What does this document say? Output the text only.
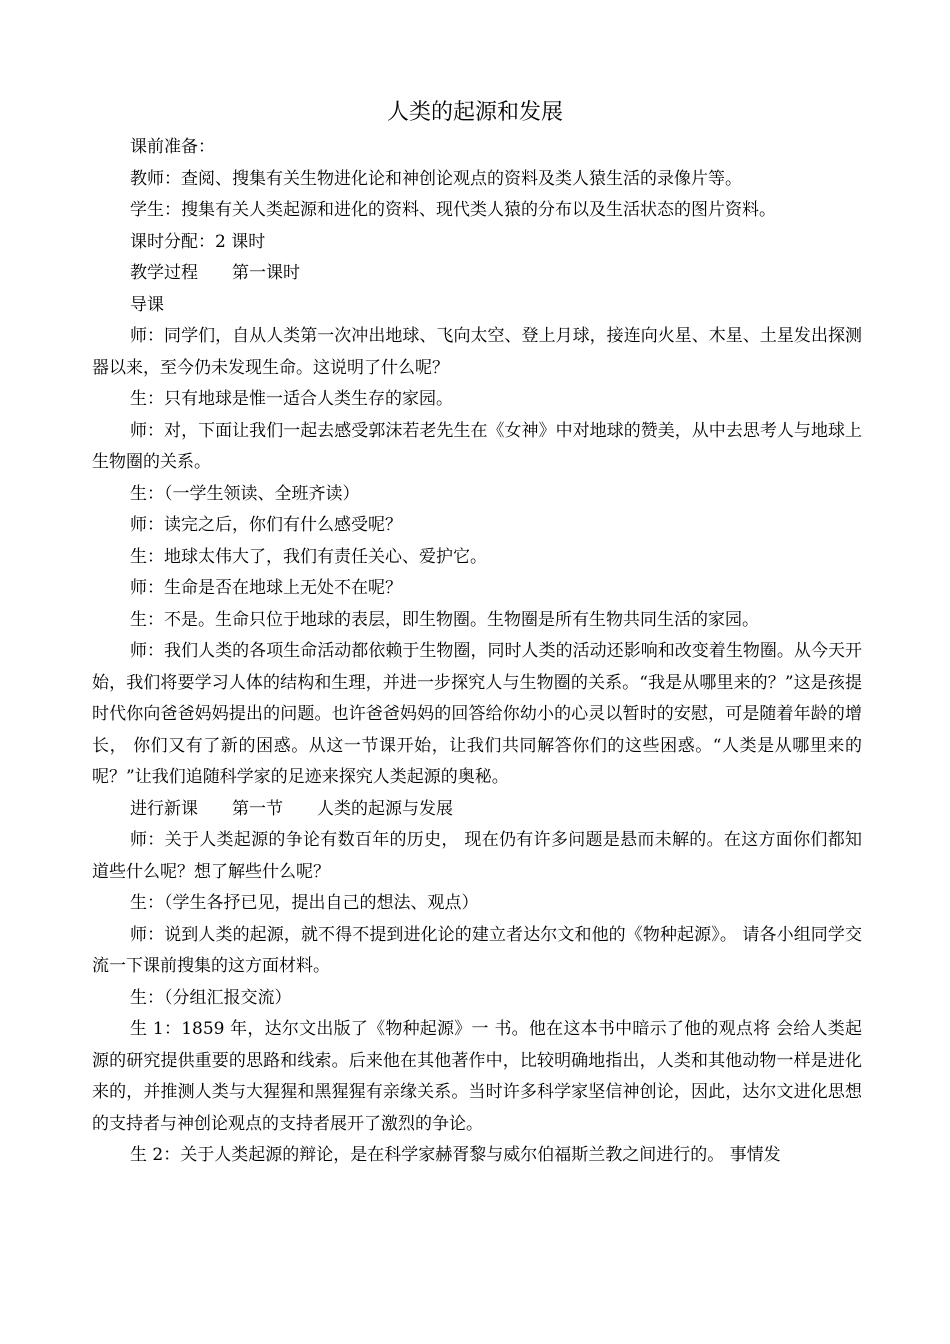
人类的起源和发展

课前准备：

教师：查阅、搜集有关生物进化论和神创论观点的资料及类人猿生活的录像片等。

学生：搜集有关人类起源和进化的资料、现代类人猿的分布以及生活状态的图片资料。

课时分配：2 课时

教学过程　　第一课时

导课

师：同学们，自从人类第一次冲出地球、飞向太空、登上月球，接连向火星、木星、土星发出探测器以来，至今仍未发现生命。这说明了什么呢？

生：只有地球是惟一适合人类生存的家园。

师：对，下面让我们一起去感受郭沫若老先生在《女神》中对地球的赞美，从中去思考人与地球上生物圈的关系。

生：（一学生领读、全班齐读）

师：读完之后，你们有什么感受呢？

生：地球太伟大了，我们有责任关心、爱护它。

师：生命是否在地球上无处不在呢？

生：不是。生命只位于地球的表层，即生物圈。生物圈是所有生物共同生活的家园。

师：我们人类的各项生命活动都依赖于生物圈，同时人类的活动还影响和改变着生物圈。从今天开始，我们将要学习人体的结构和生理，并进一步探究人与生物圈的关系。“我是从哪里来的？”这是孩提时代你向爸爸妈妈提出的问题。也许爸爸妈妈的回答给你幼小的心灵以暂时的安慰，可是随着年龄的增长， 你们又有了新的困惑。从这一节课开始，让我们共同解答你们的这些困惑。“人类是从哪里来的呢？”让我们追随科学家的足迹来探究人类起源的奥秘。

进行新课　　第一节　　人类的起源与发展

师：关于人类起源的争论有数百年的历史， 现在仍有许多问题是悬而未解的。在这方面你们都知道些什么呢？想了解些什么呢？

生：（学生各抒已见，提出自己的想法、观点）

师：说到人类的起源，就不得不提到进化论的建立者达尔文和他的《物种起源》。 请各小组同学交流一下课前搜集的这方面材料。

生：（分组汇报交流）

生 1：1859 年，达尔文出版了《物种起源》一 书。他在这本书中暗示了他的观点将 会给人类起源的研究提供重要的思路和线索。后来他在其他著作中，比较明确地指出，人类和其他动物一样是进化来的，并推测人类与大猩猩和黑猩猩有亲缘关系。当时许多科学家坚信神创论，因此，达尔文进化思想的支持者与神创论观点的支持者展开了激烈的争论。

生 2：关于人类起源的辩论，是在科学家赫胥黎与威尔伯福斯兰教之间进行的。 事情发
